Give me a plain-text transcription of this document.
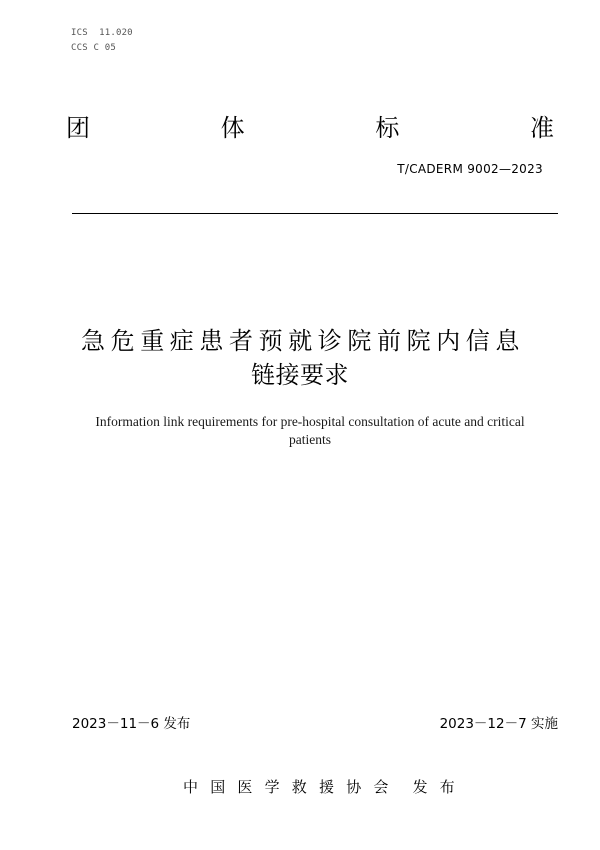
ICS  11.020
CCS C 05
团	体	标	准
T/CADERM 9002—2023
急危重症患者预就诊院前院内信息
链接要求
Information link requirements for pre-hospital consultation of acute and critical
patients
2023－11－6 发布	2023－12－7 实施
中国医学救援协会 发布
